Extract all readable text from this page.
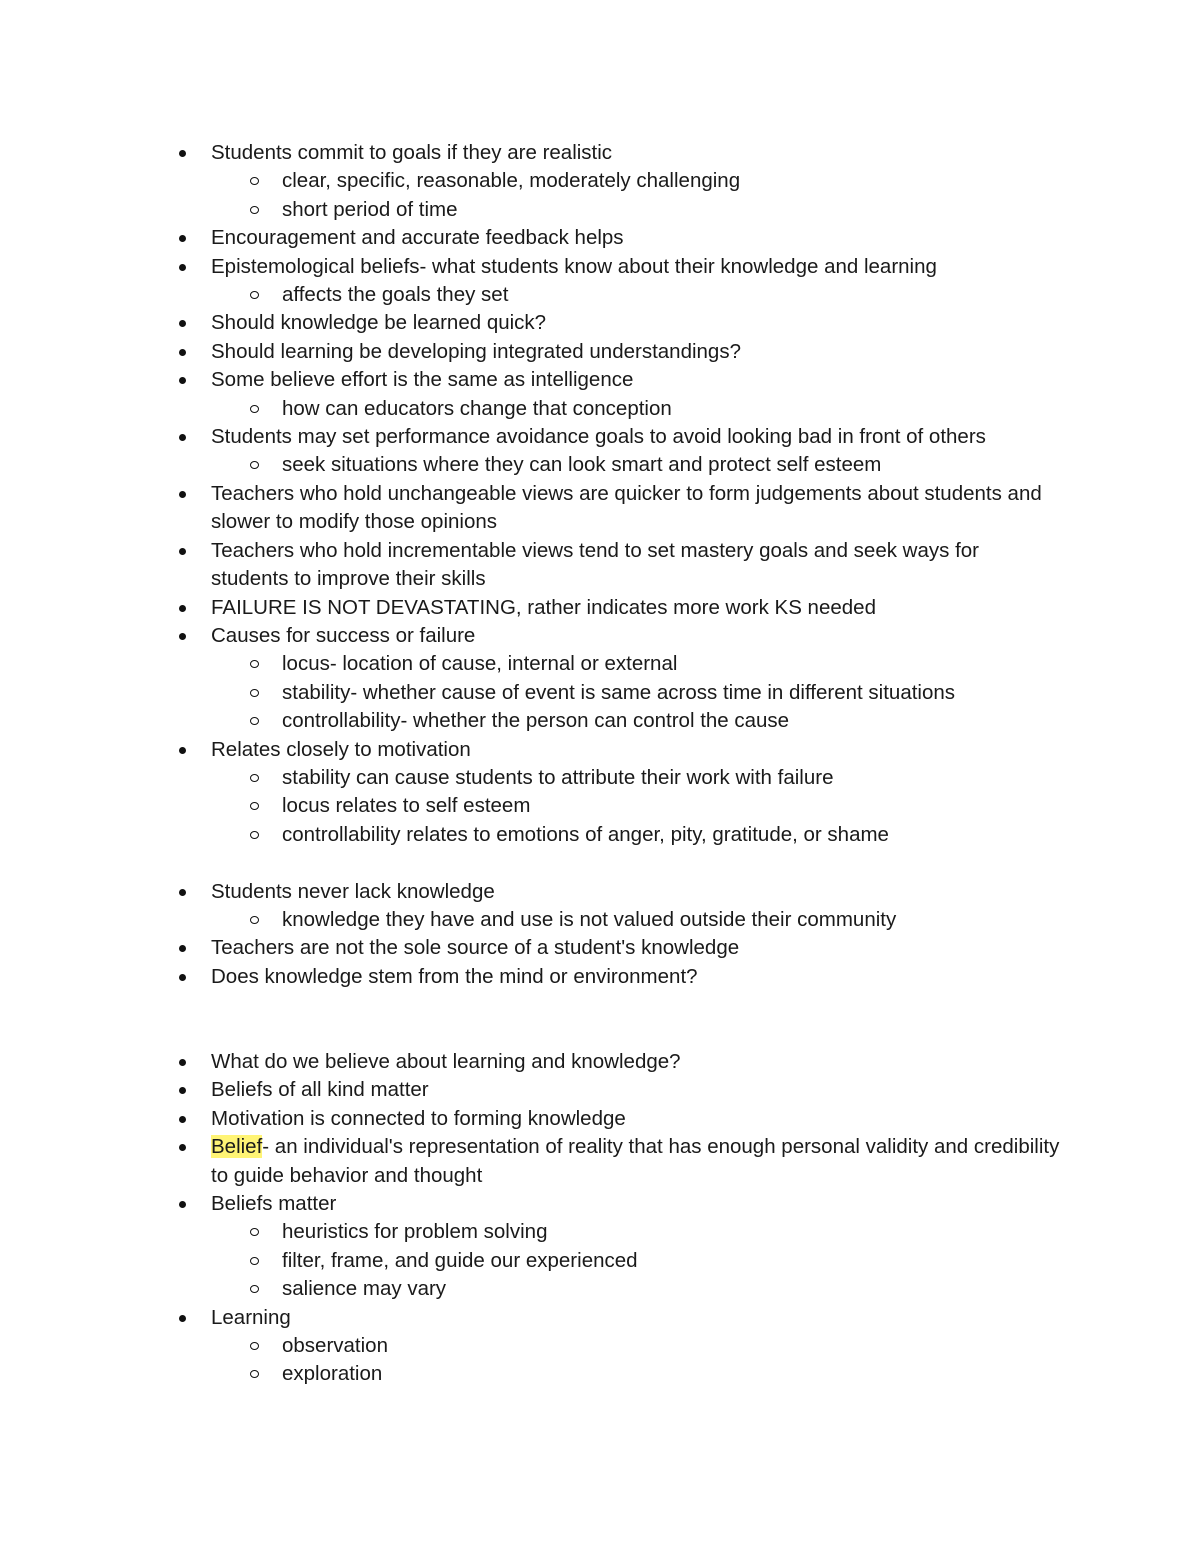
Students commit to goals if they are realistic
clear, specific, reasonable, moderately challenging
short period of time
Encouragement and accurate feedback helps
Epistemological beliefs- what students know about their knowledge and learning
affects the goals they set
Should knowledge be learned quick?
Should learning be developing integrated understandings?
Some believe effort is the same as intelligence
how can educators change that conception
Students may set performance avoidance goals to avoid looking bad in front of others
seek situations where they can look smart and protect self esteem
Teachers who hold unchangeable views are quicker to form judgements about students and slower to modify those opinions
Teachers who hold incrementable views tend to set mastery goals and seek ways for students to improve their skills
FAILURE IS NOT DEVASTATING, rather indicates more work KS needed
Causes for success or failure
locus- location of cause, internal or external
stability- whether cause of event is same across time in different situations
controllability- whether the person can control the cause
Relates closely to motivation
stability can cause students to attribute their work with failure
locus relates to self esteem
controllability relates to emotions of anger, pity, gratitude, or shame
Students never lack knowledge
knowledge they have and use is not valued outside their community
Teachers are not the sole source of a student's knowledge
Does knowledge stem from the mind or environment?
What do we believe about learning and knowledge?
Beliefs of all kind matter
Motivation is connected to forming knowledge
Belief- an individual's representation of reality that has enough personal validity and credibility to guide behavior and thought
Beliefs matter
heuristics for problem solving
filter, frame, and guide our experienced
salience may vary
Learning
observation
exploration
